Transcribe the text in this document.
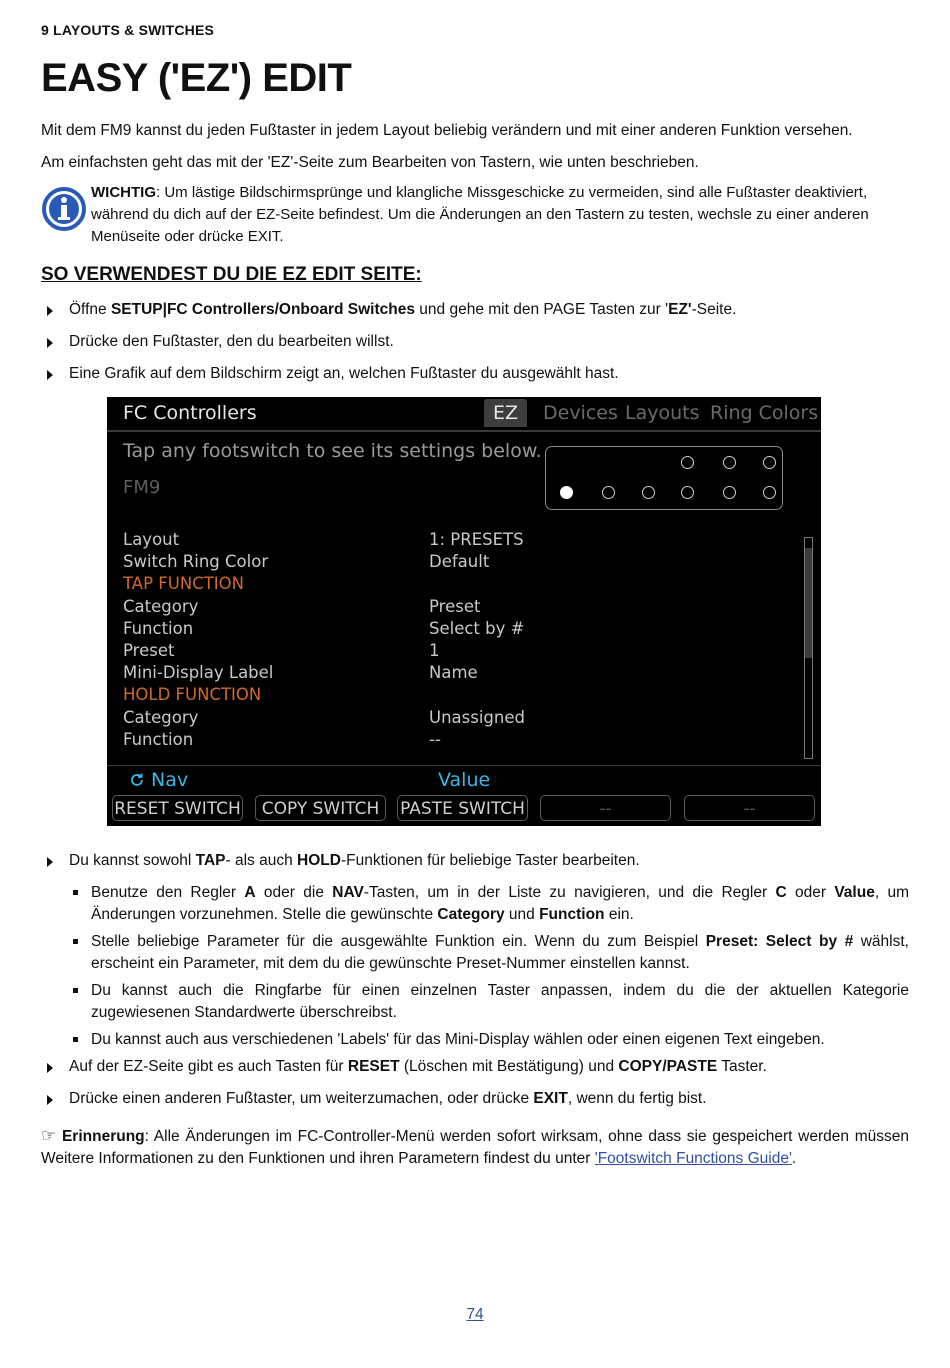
9 LAYOUTS & SWITCHES
EASY ('EZ') EDIT

Mit dem FM9 kannst du jeden Fußtaster in jedem Layout beliebig verändern und mit einer anderen Funktion versehen.

Am einfachsten geht das mit der 'EZ'-Seite zum Bearbeiten von Tastern, wie unten beschrieben.

WICHTIG: Um lästige Bildschirmsprünge und klangliche Missgeschicke zu vermeiden, sind alle Fußtaster deaktiviert, während du dich auf der EZ-Seite befindest. Um die Änderungen an den Tastern zu testen, wechsle zu einer anderen Menüseite oder drücke EXIT.
SO VERWENDEST DU DIE EZ EDIT SEITE:
Öffne SETUP|FC Controllers/Onboard Switches und gehe mit den PAGE Tasten zur 'EZ'-Seite.
Drücke den Fußtaster, den du bearbeiten willst.
Eine Grafik auf dem Bildschirm zeigt an, welchen Fußtaster du ausgewählt hast.
FC Controllers	EZ	Devices Layouts Ring Colors
Tap any footswitch to see its settings below.
FM9
Layout	1: PRESETS
Switch Ring Color	Default
TAP FUNCTION
Category	Preset
Function	Select by #
Preset	1
Mini-Display Label	Name
HOLD FUNCTION
Category	Unassigned
Function	--
Nav	Value
RESET SWITCH	COPY SWITCH	PASTE SWITCH	--	--
Du kannst sowohl TAP- als auch HOLD-Funktionen für beliebige Taster bearbeiten.
Benutze den Regler A oder die NAV-Tasten, um in der Liste zu navigieren, und die Regler C oder Value, um Änderungen vorzunehmen. Stelle die gewünschte Category und Function ein.
Stelle beliebige Parameter für die ausgewählte Funktion ein. Wenn du zum Beispiel Preset: Select by # wählst, erscheint ein Parameter, mit dem du die gewünschte Preset-Nummer einstellen kannst.
Du kannst auch die Ringfarbe für einen einzelnen Taster anpassen, indem du die der aktuellen Kategorie zugewiesenen Standardwerte überschreibst.
Du kannst auch aus verschiedenen 'Labels' für das Mini-Display wählen oder einen eigenen Text eingeben.
Auf der EZ-Seite gibt es auch Tasten für RESET (Löschen mit Bestätigung) und COPY/PASTE Taster.
Drücke einen anderen Fußtaster, um weiterzumachen, oder drücke EXIT, wenn du fertig bist.
☞ Erinnerung: Alle Änderungen im FC-Controller-Menü werden sofort wirksam, ohne dass sie gespeichert werden müssen Weitere Informationen zu den Funktionen und ihren Parametern findest du unter 'Footswitch Functions Guide'.
74
